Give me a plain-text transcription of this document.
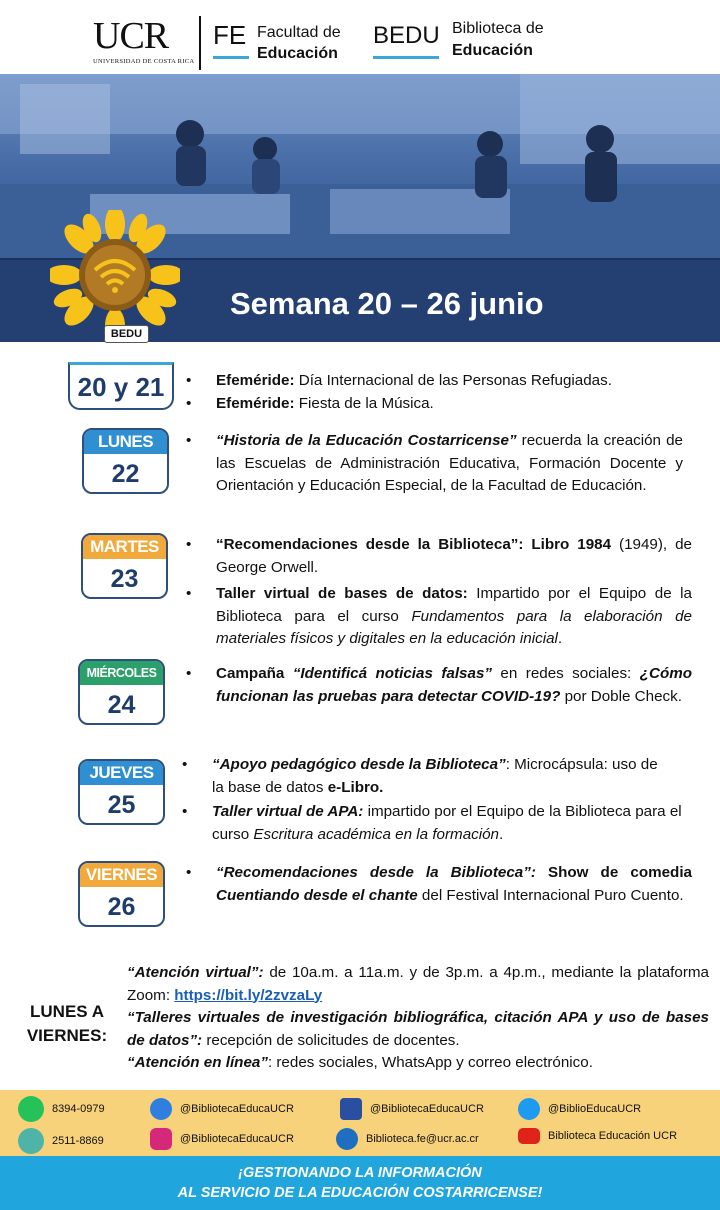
UCR
UNIVERSIDAD DE COSTA RICA
FE Facultad de
Educación
BEDU Biblioteca de
Educación
Semana 20 – 26 junio
BEDU
20 y 21
•	Efeméride: Día Internacional de las Personas Refugiadas.
• Efeméride: Fiesta de la Música.
LUNES
22
• “Historia de la Educación Costarricense” recuerda la creación de las Escuelas de Administración Educativa, Formación Docente y Orientación y Educación Especial, de la Facultad de Educación.
MARTES
23
• “Recomendaciones desde la Biblioteca”: Libro 1984 (1949), de George Orwell.
• Taller virtual de bases de datos: Impartido por el Equipo de la Biblioteca para el curso Fundamentos para la elaboración de materiales físicos y digitales en la educación inicial.
MIÉRCOLES
24
• Campaña “Identificá noticias falsas” en redes sociales: ¿Cómo funcionan las pruebas para detectar COVID-19? por Doble Check.
JUEVES
25
• “Apoyo pedagógico desde la Biblioteca”: Microcápsula: uso de la base de datos e-Libro.
• Taller virtual de APA: impartido por el Equipo de la Biblioteca para el curso Escritura académica en la formación.
VIERNES
26
• “Recomendaciones desde la Biblioteca”: Show de comedia Cuentiando desde el chante del Festival Internacional Puro Cuento.
LUNES A
VIERNES:
“Atención virtual”: de 10a.m. a 11a.m. y de 3p.m. a 4p.m., mediante la plataforma Zoom: https://bit.ly/2zvzaLy
“Talleres virtuales de investigación bibliográfica, citación APA y uso de bases de datos”: recepción de solicitudes de docentes.
“Atención en línea”: redes sociales, WhatsApp y correo electrónico.
8394-0979
2511-8869
@BibliotecaEducaUCR
@BibliotecaEducaUCR
@BibliotecaEducaUCR
Biblioteca.fe@ucr.ac.cr
@BiblioEducaUCR
Biblioteca Educación UCR
¡GESTIONANDO LA INFORMACIÓN
AL SERVICIO DE LA EDUCACIÓN COSTARRICENSE!
